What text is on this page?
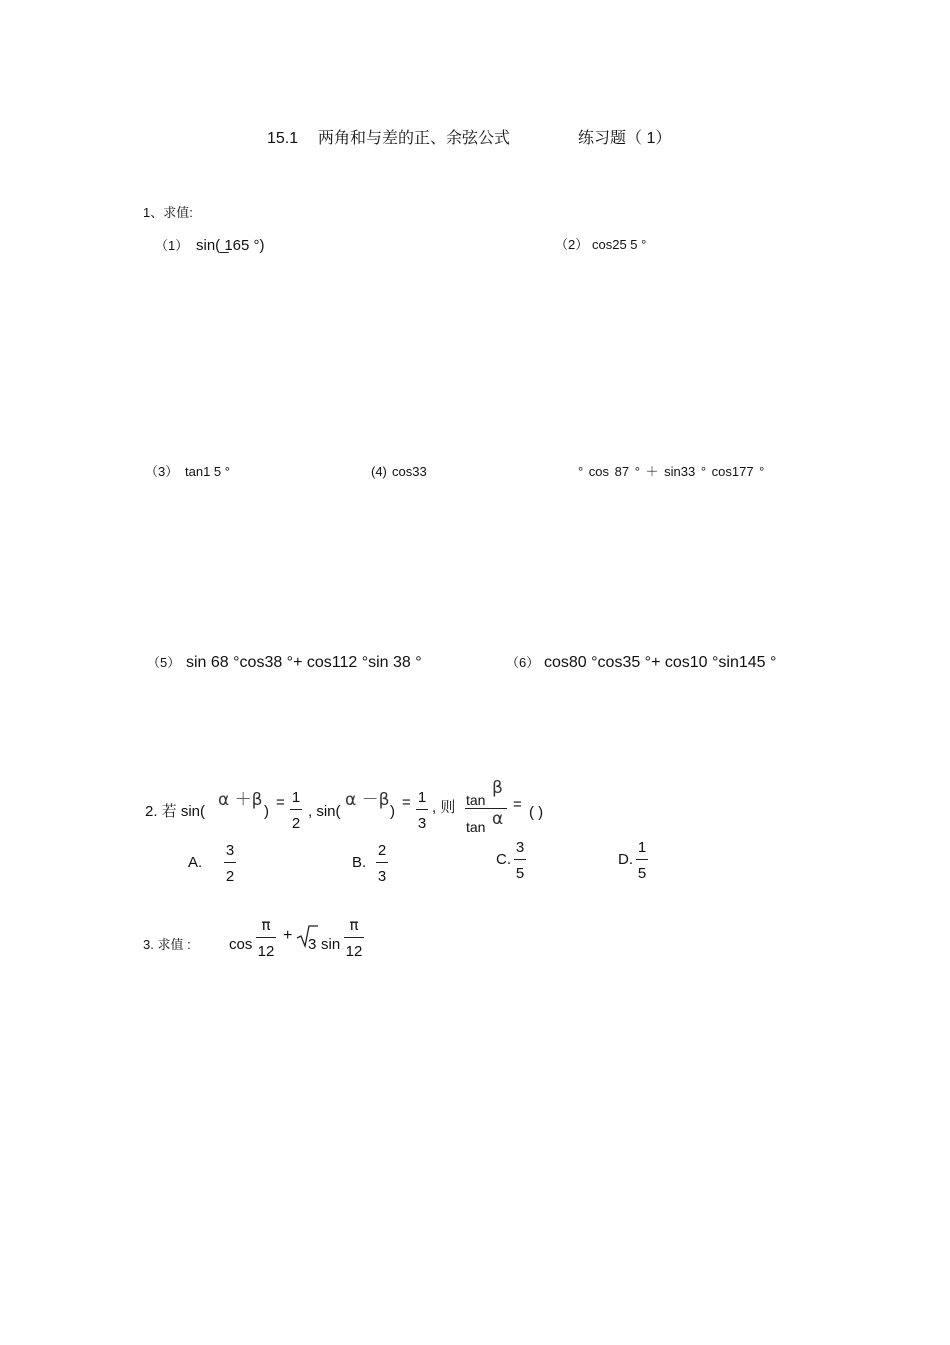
15.1 两角和与差的正、余弦公式	练习题（ 1）
1、求值:
（1） sin( ̲165 °)	（2） cos25 5 °
（3） tan1 5 °	(4) cos33	° cos 87 ° ＋ sin33 ° cos177 °
（5） sin 68 °cos38 °+ cos112 °sin 38 °	（6） cos80 °cos35 °+ cos10 °sin145 °
2. 若 sin(
α ＋β
)
= 1
2
, sin(
α －β
)
= 1
3
, 则 tan
β
tan α
= ( )
A.
3
2
B.
2
3
C.
3
5
D.
1
5
3. 求值 :	cos
π
12
+
3 sin
π
12
